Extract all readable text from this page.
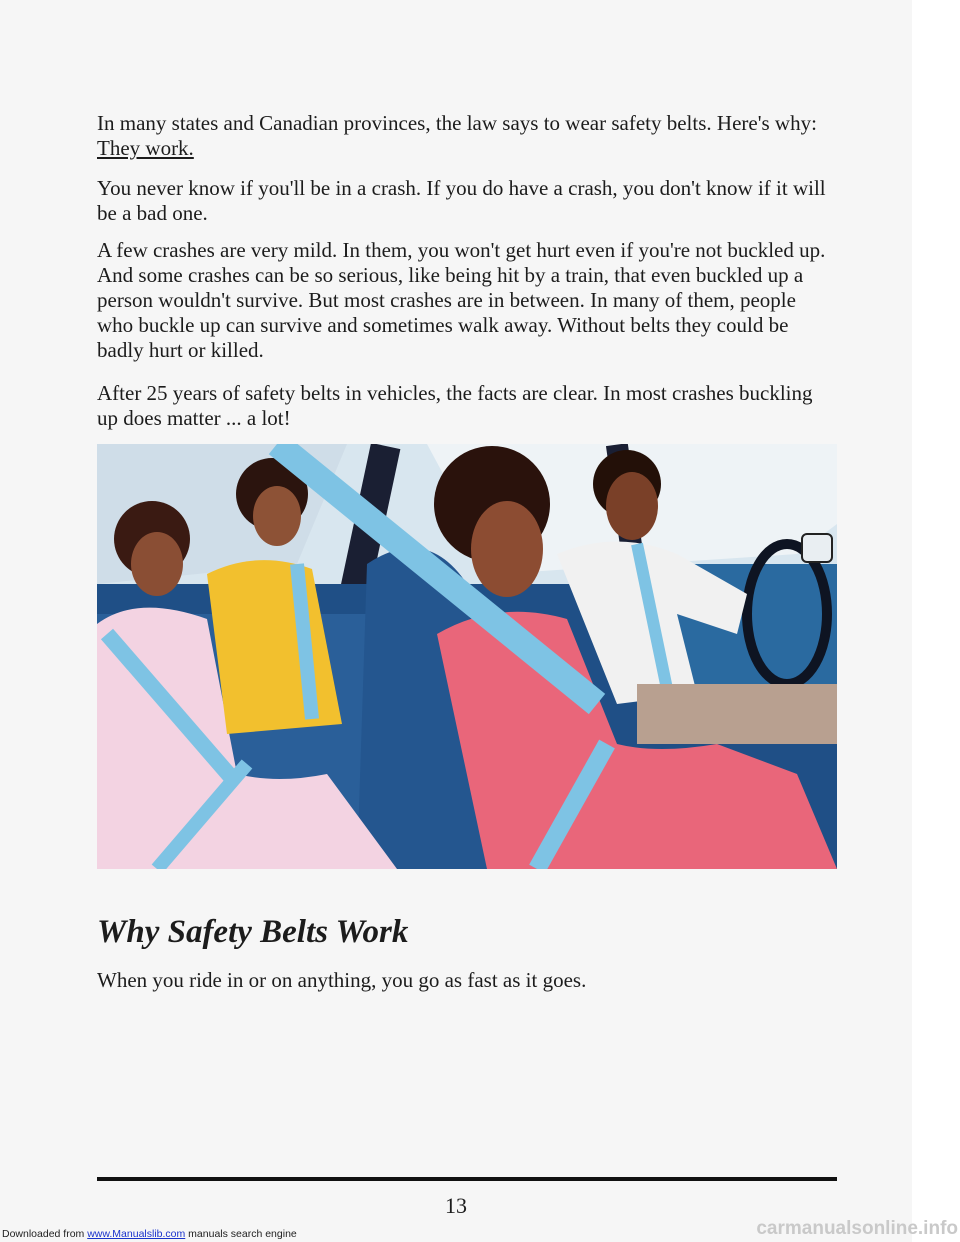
In many states and Canadian provinces, the law says to wear safety belts. Here's why: They work.

You never know if you'll be in a crash. If you do have a crash, you don't know if it will be a bad one.

A few crashes are very mild. In them, you won't get hurt even if you're not buckled up. And some crashes can be so serious, like being hit by a train, that even buckled up a person wouldn't survive. But most crashes are in between. In many of them, people who buckle up can survive and sometimes walk away. Without belts they could be badly hurt or killed.

After 25 years of safety belts in vehicles, the facts are clear. In most crashes buckling up does matter ... a lot!

Why Safety Belts Work

When you ride in or on anything, you go as fast as it goes.

13
Downloaded from www.Manualslib.com manuals search engine	carmanualsonline.info
